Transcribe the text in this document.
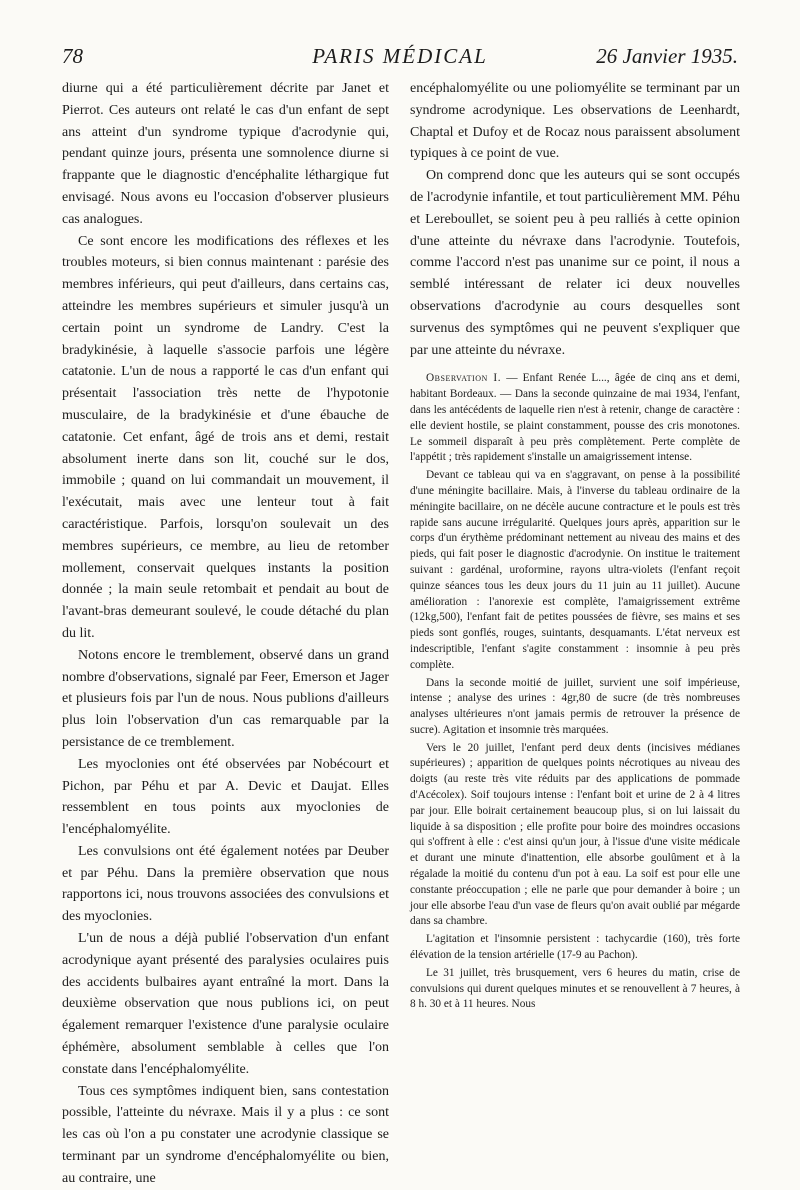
78	PARIS MÉDICAL	26 Janvier 1935.

diurne qui a été particulièrement décrite par Janet et Pierrot. Ces auteurs ont relaté le cas d'un enfant de sept ans atteint d'un syndrome typique d'acrodynie qui, pendant quinze jours, présenta une somnolence diurne si frappante que le diagnostic d'encéphalite léthargique fut envisagé. Nous avons eu l'occasion d'observer plusieurs cas analogues.

Ce sont encore les modifications des réflexes et les troubles moteurs, si bien connus maintenant : parésie des membres inférieurs, qui peut d'ailleurs, dans certains cas, atteindre les membres supérieurs et simuler jusqu'à un certain point un syndrome de Landry. C'est la bradykinésie, à laquelle s'associe parfois une légère catatonie. L'un de nous a rapporté le cas d'un enfant qui présentait l'association très nette de l'hypotonie musculaire, de la bradykinésie et d'une ébauche de catatonie. Cet enfant, âgé de trois ans et demi, restait absolument inerte dans son lit, couché sur le dos, immobile ; quand on lui commandait un mouvement, il l'exécutait, mais avec une lenteur tout à fait caractéristique. Parfois, lorsqu'on soulevait un des membres supérieurs, ce membre, au lieu de retomber mollement, conservait quelques instants la position donnée ; la main seule retombait et pendait au bout de l'avant-bras demeurant soulevé, le coude détaché du plan du lit.

Notons encore le tremblement, observé dans un grand nombre d'observations, signalé par Feer, Emerson et Jager et plusieurs fois par l'un de nous. Nous publions d'ailleurs plus loin l'observation d'un cas remarquable par la persistance de ce tremblement.

Les myoclonies ont été observées par Nobécourt et Pichon, par Péhu et par A. Devic et Daujat. Elles ressemblent en tous points aux myoclonies de l'encéphalomyélite.

Les convulsions ont été également notées par Deuber et par Péhu. Dans la première observation que nous rapportons ici, nous trouvons associées des convulsions et des myoclonies.

L'un de nous a déjà publié l'observation d'un enfant acrodynique ayant présenté des paralysies oculaires puis des accidents bulbaires ayant entraîné la mort. Dans la deuxième observation que nous publions ici, on peut également remarquer l'existence d'une paralysie oculaire éphémère, absolument semblable à celles que l'on constate dans l'encéphalomyélite.

Tous ces symptômes indiquent bien, sans contestation possible, l'atteinte du névraxe. Mais il y a plus : ce sont les cas où l'on a pu constater une acrodynie classique se terminant par un syndrome d'encéphalomyélite ou bien, au contraire, une

encéphalomyélite ou une poliomyélite se terminant par un syndrome acrodynique. Les observations de Leenhardt, Chaptal et Dufoy et de Rocaz nous paraissent absolument typiques à ce point de vue.

On comprend donc que les auteurs qui se sont occupés de l'acrodynie infantile, et tout particulièrement MM. Péhu et Lereboullet, se soient peu à peu ralliés à cette opinion d'une atteinte du névraxe dans l'acrodynie. Toutefois, comme l'accord n'est pas unanime sur ce point, il nous a semblé intéressant de relater ici deux nouvelles observations d'acrodynie au cours desquelles sont survenus des symptômes qui ne peuvent s'expliquer que par une atteinte du névraxe.

Observation I. — Enfant Renée L..., âgée de cinq ans et demi, habitant Bordeaux. — Dans la seconde quinzaine de mai 1934, l'enfant, dans les antécédents de laquelle rien n'est à retenir, change de caractère : elle devient hostile, se plaint constamment, pousse des cris monotones. Le sommeil disparaît à peu près complètement. Perte complète de l'appétit ; très rapidement s'installe un amaigrissement intense.

Devant ce tableau qui va en s'aggravant, on pense à la possibilité d'une méningite bacillaire. Mais, à l'inverse du tableau ordinaire de la méningite bacillaire, on ne décèle aucune contracture et le pouls est très rapide sans aucune irrégularité. Quelques jours après, apparition sur le corps d'un érythème prédominant nettement au niveau des mains et des pieds, qui fait poser le diagnostic d'acrodynie. On institue le traitement suivant : gardénal, uroformine, rayons ultra-violets (l'enfant reçoit quinze séances tous les deux jours du 11 juin au 11 juillet). Aucune amélioration : l'anorexie est complète, l'amaigrissement extrême (12kg,500), l'enfant fait de petites poussées de fièvre, ses mains et ses pieds sont gonflés, rouges, suintants, desquamants. L'état nerveux est indescriptible, l'enfant s'agite constamment : insomnie à peu près complète.

Dans la seconde moitié de juillet, survient une soif impérieuse, intense ; analyse des urines : 4gr,80 de sucre (de très nombreuses analyses ultérieures n'ont jamais permis de retrouver la présence de sucre). Agitation et insomnie très marquées.

Vers le 20 juillet, l'enfant perd deux dents (incisives médianes supérieures) ; apparition de quelques points nécrotiques au niveau des doigts (au reste très vite réduits par des applications de pommade d'Acécolex). Soif toujours intense : l'enfant boit et urine de 2 à 4 litres par jour. Elle boirait certainement beaucoup plus, si on lui laissait du liquide à sa disposition ; elle profite pour boire des moindres occasions qui s'offrent à elle : c'est ainsi qu'un jour, à l'issue d'une visite médicale et durant une minute d'inattention, elle absorbe goulûment et à la régalade la moitié du contenu d'un pot à eau. La soif est pour elle une constante préoccupation ; elle ne parle que pour demander à boire ; un jour elle absorbe l'eau d'un vase de fleurs qu'on avait oublié par mégarde dans sa chambre.

L'agitation et l'insomnie persistent : tachycardie (160), très forte élévation de la tension artérielle (17-9 au Pachon).

Le 31 juillet, très brusquement, vers 6 heures du matin, crise de convulsions qui durent quelques minutes et se renouvellent à 7 heures, à 8 h. 30 et à 11 heures. Nous
